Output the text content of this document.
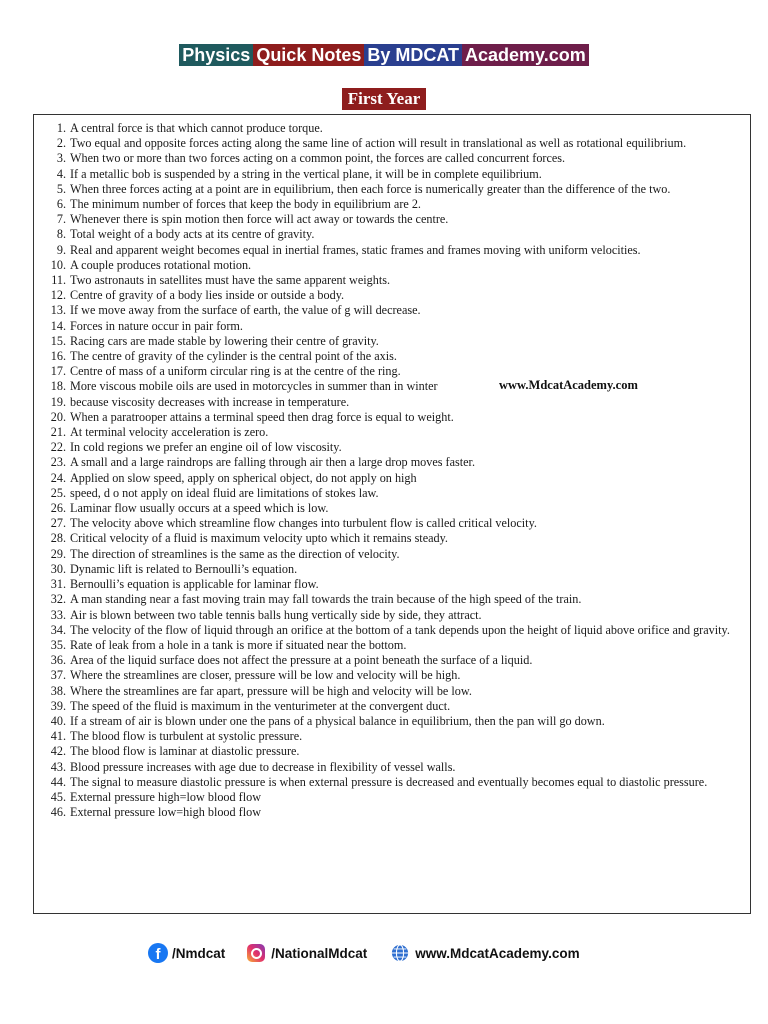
Physics Quick Notes By MDCAT Academy.com
First Year
1. A central force is that which cannot produce torque.
2. Two equal and opposite forces acting along the same line of action will result in translational as well as rotational equilibrium.
3. When two or more than two forces acting on a common point, the forces are called concurrent forces.
4. If a metallic bob is suspended by a string in the vertical plane, it will be in complete equilibrium.
5. When three forces acting at a point are in equilibrium, then each force is numerically greater than the difference of the two.
6. The minimum number of forces that keep the body in equilibrium are 2.
7. Whenever there is spin motion then force will act away or towards the centre.
8. Total weight of a body acts at its centre of gravity.
9. Real and apparent weight becomes equal in inertial frames, static frames and frames moving with uniform velocities.
10. A couple produces rotational motion.
11. Two astronauts in satellites must have the same apparent weights.
12. Centre of gravity of a body lies inside or outside a body.
13. If we move away from the surface of earth, the value of g will decrease.
14. Forces in nature occur in pair form.
15. Racing cars are made stable by lowering their centre of gravity.
16. The centre of gravity of the cylinder is the central point of the axis.
17. Centre of mass of a uniform circular ring is at the centre of the ring.
18. More viscous mobile oils are used in motorcycles in summer than in winter
19. because viscosity decreases with increase in temperature.
20. When a paratrooper attains a terminal speed then drag force is equal to weight.
21. At terminal velocity acceleration is zero.
22. In cold regions we prefer an engine oil of low viscosity.
23. A small and a large raindrops are falling through air then a large drop moves faster.
24. Applied on slow speed, apply on spherical object, do not apply on high
25. speed, d o not apply on ideal fluid are limitations of stokes law.
26. Laminar flow usually occurs at a speed which is low.
27. The velocity above which streamline flow changes into turbulent flow is called critical velocity.
28. Critical velocity of a fluid is maximum velocity upto which it remains steady.
29. The direction of streamlines is the same as the direction of velocity.
30. Dynamic lift is related to Bernoulli’s equation.
31. Bernoulli’s equation is applicable for laminar flow.
32. A man standing near a fast moving train may fall towards the train because of the high speed of the train.
33. Air is blown between two table tennis balls hung vertically side by side, they attract.
34. The velocity of the flow of liquid through an orifice at the bottom of a tank depends upon the height of liquid above orifice and gravity.
35. Rate of leak from a hole in a tank is more if situated near the bottom.
36. Area of the liquid surface does not affect the pressure at a point beneath the surface of a liquid.
37. Where the streamlines are closer, pressure will be low and velocity will be high.
38. Where the streamlines are far apart, pressure will be high and velocity will be low.
39. The speed of the fluid is maximum in the venturimeter at the convergent duct.
40. If a stream of air is blown under one the pans of a physical balance in equilibrium, then the pan will go down.
41. The blood flow is turbulent at systolic pressure.
42. The blood flow is laminar at diastolic pressure.
43. Blood pressure increases with age due to decrease in flexibility of vessel walls.
44. The signal to measure diastolic pressure is when external pressure is decreased and eventually becomes equal to diastolic pressure.
45. External pressure high=low blood flow
46. External pressure low=high blood flow
www.MdcatAcademy.com
f /Nmdcat	/NationalMdcat	www.MdcatAcademy.com
